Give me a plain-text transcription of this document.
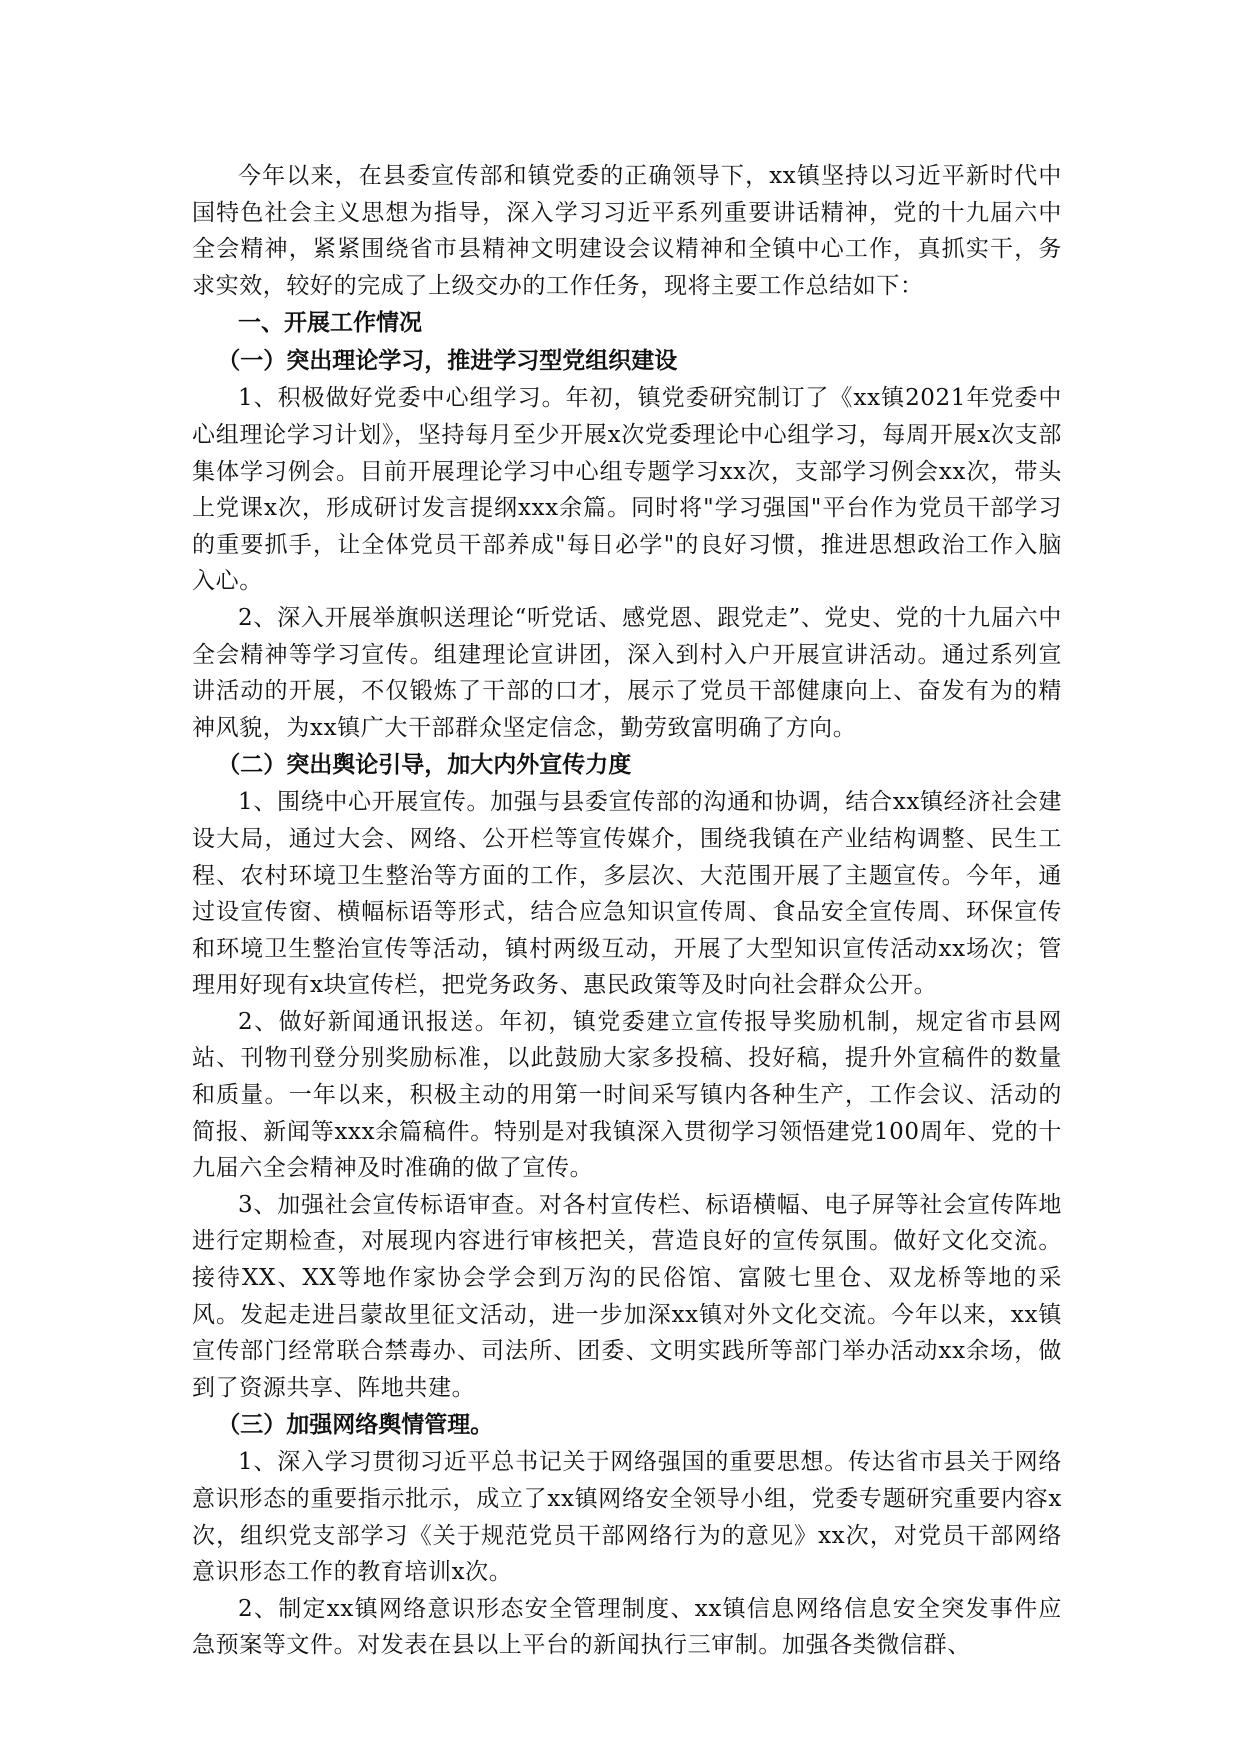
今年以来，在县委宣传部和镇党委的正确领导下，xx镇坚持以习近平新时代中国特色社会主义思想为指导，深入学习习近平系列重要讲话精神，党的十九届六中全会精神，紧紧围绕省市县精神文明建设会议精神和全镇中心工作，真抓实干，务求实效，较好的完成了上级交办的工作任务，现将主要工作总结如下：

一、开展工作情况

（一）突出理论学习，推进学习型党组织建设

1、积极做好党委中心组学习。年初，镇党委研究制订了《xx镇2021年党委中心组理论学习计划》，坚持每月至少开展x次党委理论中心组学习，每周开展x次支部集体学习例会。目前开展理论学习中心组专题学习xx次，支部学习例会xx次，带头上党课x次，形成研讨发言提纲xxx余篇。同时将"学习强国"平台作为党员干部学习的重要抓手，让全体党员干部养成"每日必学"的良好习惯，推进思想政治工作入脑入心。

2、深入开展举旗帜送理论“听党话、感党恩、跟党走”、党史、党的十九届六中全会精神等学习宣传。组建理论宣讲团，深入到村入户开展宣讲活动。通过系列宣讲活动的开展，不仅锻炼了干部的口才，展示了党员干部健康向上、奋发有为的精神风貌，为xx镇广大干部群众坚定信念，勤劳致富明确了方向。

（二）突出舆论引导，加大内外宣传力度

1、围绕中心开展宣传。加强与县委宣传部的沟通和协调，结合xx镇经济社会建设大局，通过大会、网络、公开栏等宣传媒介，围绕我镇在产业结构调整、民生工程、农村环境卫生整治等方面的工作，多层次、大范围开展了主题宣传。今年，通过设宣传窗、横幅标语等形式，结合应急知识宣传周、食品安全宣传周、环保宣传和环境卫生整治宣传等活动，镇村两级互动，开展了大型知识宣传活动xx场次；管理用好现有x块宣传栏，把党务政务、惠民政策等及时向社会群众公开。

2、做好新闻通讯报送。年初，镇党委建立宣传报导奖励机制，规定省市县网站、刊物刊登分别奖励标准，以此鼓励大家多投稿、投好稿，提升外宣稿件的数量和质量。一年以来，积极主动的用第一时间采写镇内各种生产，工作会议、活动的简报、新闻等xxx余篇稿件。特别是对我镇深入贯彻学习领悟建党100周年、党的十九届六全会精神及时准确的做了宣传。

3、加强社会宣传标语审查。对各村宣传栏、标语横幅、电子屏等社会宣传阵地进行定期检查，对展现内容进行审核把关，营造良好的宣传氛围。做好文化交流。接待XX、XX等地作家协会学会到万沟的民俗馆、富陂七里仓、双龙桥等地的采风。发起走进吕蒙故里征文活动，进一步加深xx镇对外文化交流。今年以来，xx镇宣传部门经常联合禁毒办、司法所、团委、文明实践所等部门举办活动xx余场，做到了资源共享、阵地共建。

（三）加强网络舆情管理。

1、深入学习贯彻习近平总书记关于网络强国的重要思想。传达省市县关于网络意识形态的重要指示批示，成立了xx镇网络安全领导小组，党委专题研究重要内容x次，组织党支部学习《关于规范党员干部网络行为的意见》xx次，对党员干部网络意识形态工作的教育培训x次。

2、制定xx镇网络意识形态安全管理制度、xx镇信息网络信息安全突发事件应急预案等文件。对发表在县以上平台的新闻执行三审制。加强各类微信群、
